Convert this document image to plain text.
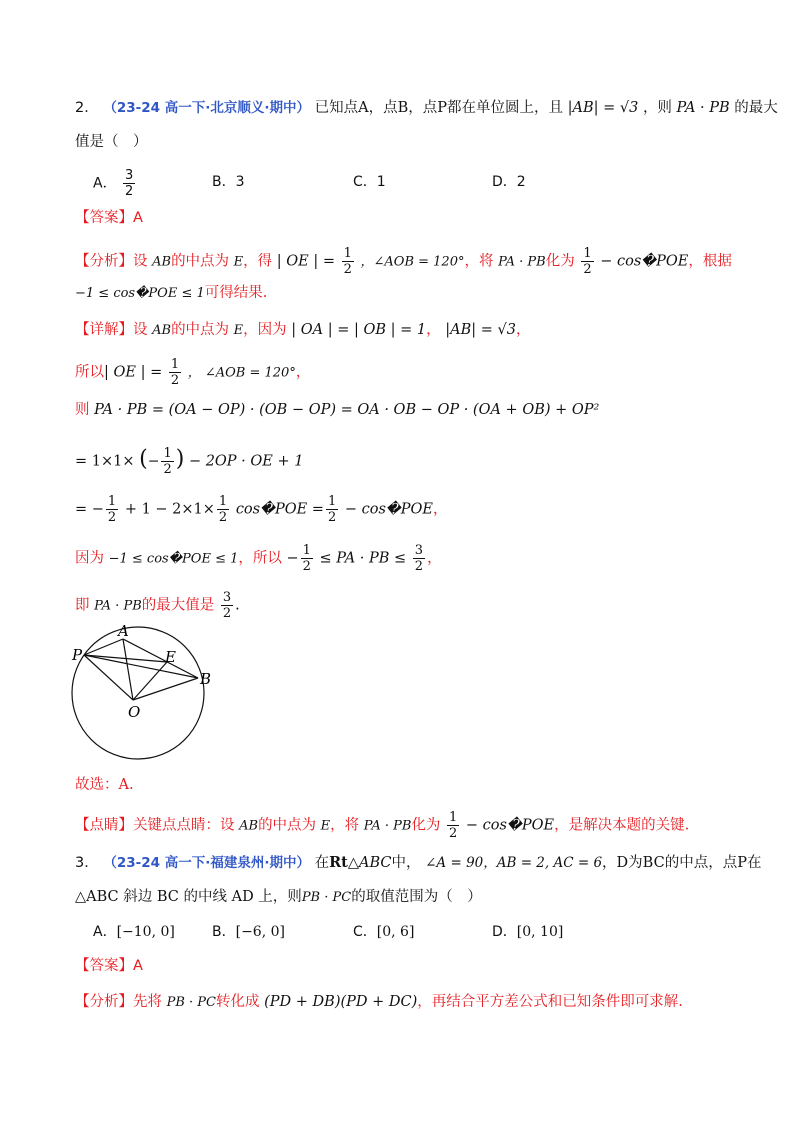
2． （23-24 高一下·北京顺义·期中） 已知点A，点B，点P都在单位圆上，且 |AB| = √3 ，则 PA · PB 的最大
值是（　）
A． $\frac{3}{2}$	B．3	C．1	D．2
【答案】A
【分析】设 AB的中点为 E，得 | OE | = $\frac{1}{2}$ ，∠AOB = 120°，将 PA · PB化为 $\frac{1}{2}$ − cos�POE，根据
−1 ≤ cos�POE ≤ 1可得结果.
【详解】设 AB的中点为 E，因为 | OA | = | OB | = 1， |AB| = √3，
所以| OE | = $\frac{1}{2}$ ， ∠AOB = 120°，
则 PA · PB = (OA − OP) · (OB − OP) = OA · OB − OP · (OA + OB) + OP²
= 1×1× (− $\frac{1}{2}$ ) − 2OP · OE + 1
= − $\frac{1}{2} + 1 - 2\times 1\times \frac{1}{2}$ cos�POE = $\frac{1}{2}$ − cos�POE，
因为 −1 ≤ cos�POE ≤ 1，所以 − $\frac{1}{2}$ ≤ PA · PB ≤ $\frac{3}{2}$ ，
即 PA · PB的最大值是 $\frac{3}{2}$ .
A
E
P
B
O
故选：A.
【点睛】关键点点睛：设 AB的中点为 E，将 PA · PB化为 $\frac{1}{2}$ − cos�POE，是解决本题的关键.
3． （23-24 高一下·福建泉州·期中） 在Rt△ABC中， ∠A = 90，AB = 2, AC = 6，D为BC的中点，点P在
△ABC 斜边 BC 的中线 AD 上，则PB · PC的取值范围为（　）
A．[−10, 0]	B．[−6, 0]	C．[0, 6]	D．[0, 10]
【答案】A
【分析】先将 PB · PC转化成 (PD + DB)(PD + DC)，再结合平方差公式和已知条件即可求解.
